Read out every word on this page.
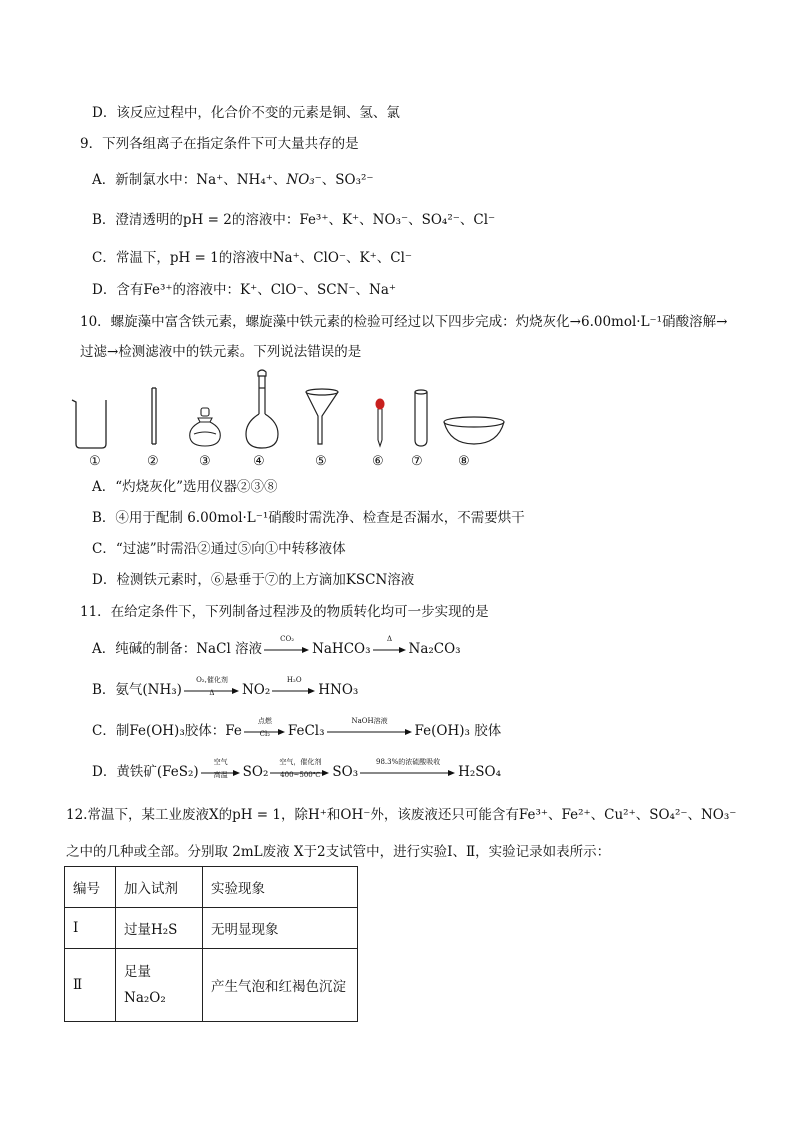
D．该反应过程中，化合价不变的元素是铜、氢、氯
9．下列各组离子在指定条件下可大量共存的是
A．新制氯水中：Na⁺、NH₄⁺、NO₃⁻、SO₃²⁻
B．澄清透明的pH = 2的溶液中：Fe³⁺、K⁺、NO₃⁻、SO₄²⁻、Cl⁻
C．常温下，pH = 1的溶液中Na⁺、ClO⁻、K⁺、Cl⁻
D．含有Fe³⁺的溶液中：K⁺、ClO⁻、SCN⁻、Na⁺
10．螺旋藻中富含铁元素，螺旋藻中铁元素的检验可经过以下四步完成：灼烧灰化→6.00mol·L⁻¹硝酸溶解→
过滤→检测滤液中的铁元素。下列说法错误的是
①	②	③	④	⑤	⑥ ⑦	⑧
A．“灼烧灰化”选用仪器②③⑧
B．④用于配制 6.00mol·L⁻¹硝酸时需洗净、检查是否漏水，不需要烘干
C．“过滤”时需沿②通过⑤向①中转移液体
D．检测铁元素时，⑥悬垂于⑦的上方滴加KSCN溶液
11．在给定条件下，下列制备过程涉及的物质转化均可一步实现的是
A．纯碱的制备：NaCl 溶液
CO₂
NaHCO₃
Δ
Na₂CO₃
B．氨气(NH₃)
O₂,催化剂
Δ	NO₂
H₂O
HNO₃
C．制Fe(OH)₃胶体：Fe
点燃
Cl₂	FeCl₃
NaOH溶液
Fe(OH)₃ 胶体
D．黄铁矿(FeS₂)
空气
高温	SO₂
空气，催化剂
400~500℃ SO₃
98.3%的浓硫酸吸收
H₂SO₄
12.常温下，某工业废液X的pH = 1，除H⁺和OH⁻外，该废液还只可能含有Fe³⁺、Fe²⁺、Cu²⁺、SO₄²⁻、NO₃⁻
之中的几种或全部。分别取 2mL废液 X于2支试管中，进行实验Ⅰ、Ⅱ，实验记录如表所示：
编号	加入试剂	实验现象
I	过量H₂S	无明显现象
Ⅱ	足量
Na₂O₂	产生气泡和红褐色沉淀
